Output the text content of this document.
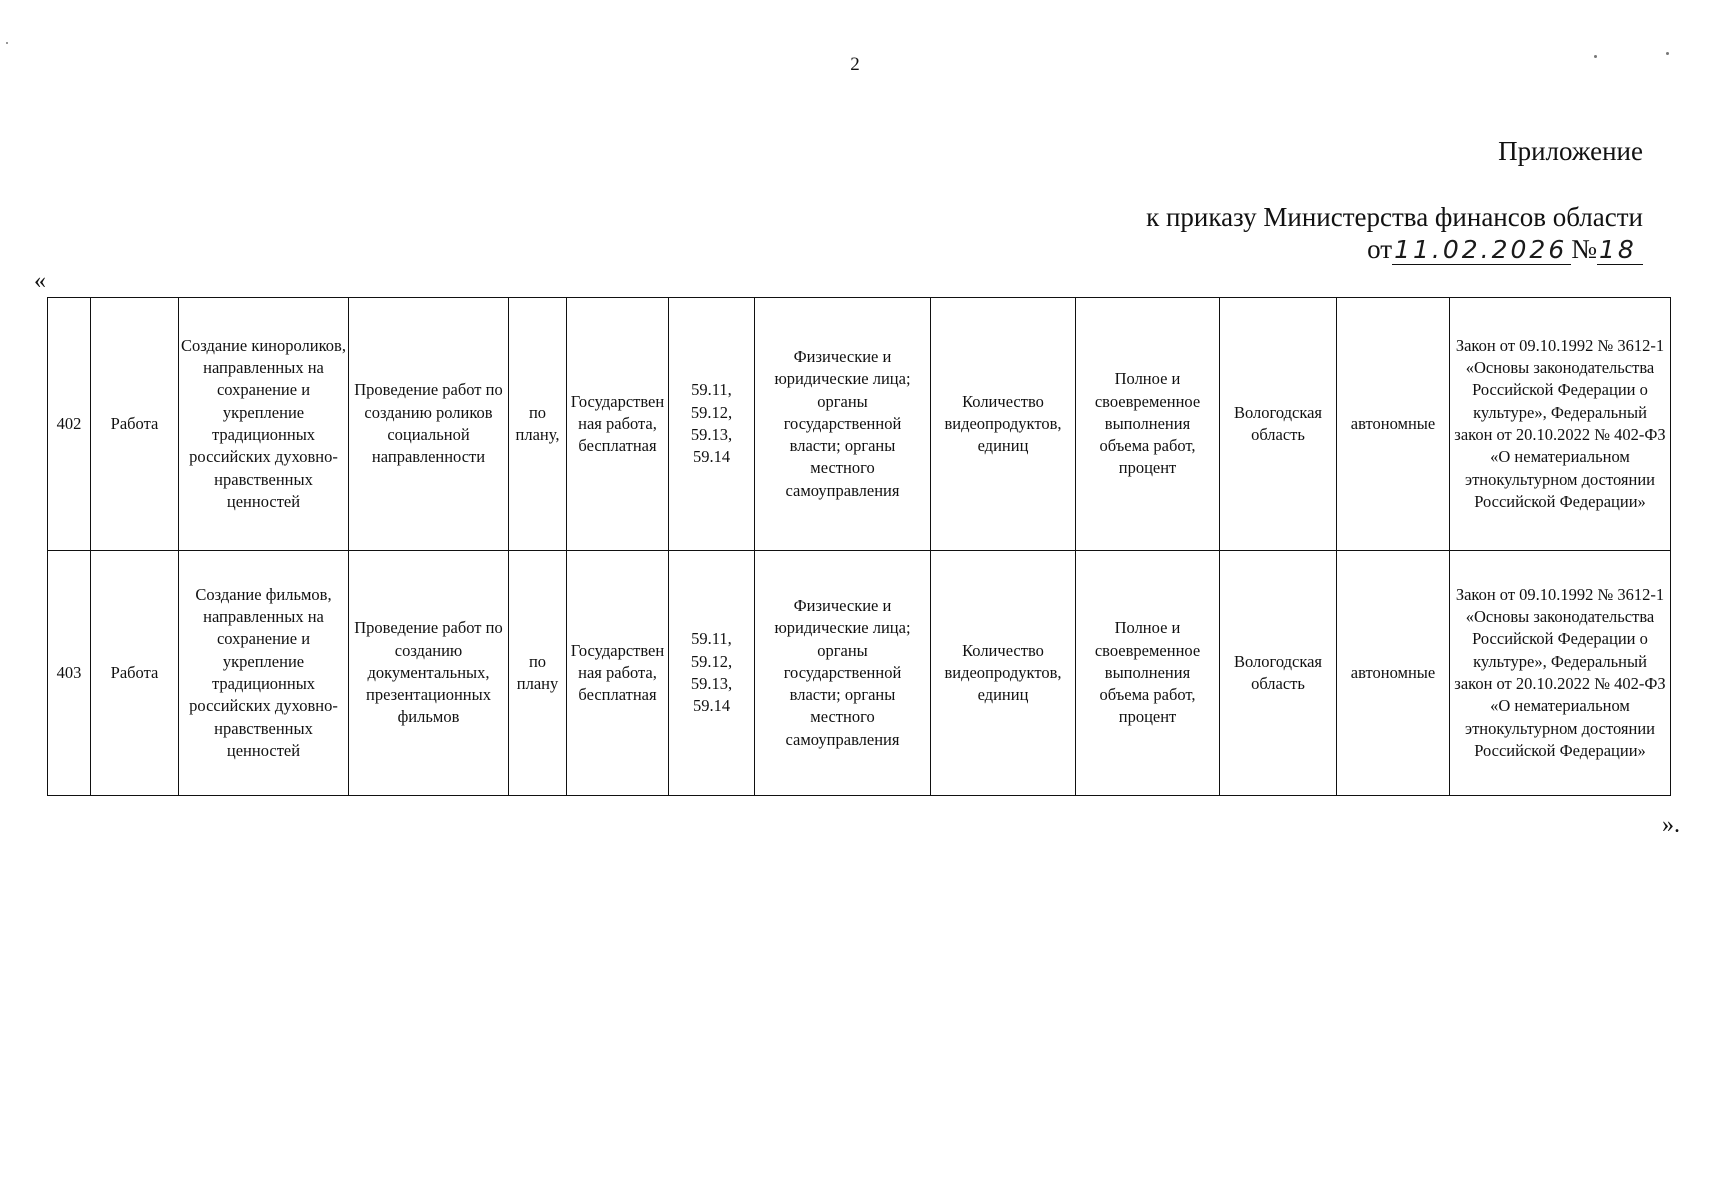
2
Приложение
к приказу Министерства финансов области
от11.02.2026 №18
«
402	Работа	Создание кинороликов, направленных на сохранение и укрепление традиционных российских духовно-нравственных ценностей	Проведение работ по созданию роликов социальной направленности	по плану,	Государственная работа, бесплатная	59.11, 59.12, 59.13, 59.14	Физические и юридические лица; органы государственной власти; органы местного самоуправления	Количество видеопродуктов, единиц	Полное и своевременное выполнения объема работ, процент	Вологодская область	автономные	Закон от 09.10.1992 № 3612-1 «Основы законодательства Российской Федерации о культуре», Федеральный закон от 20.10.2022 № 402-ФЗ «О нематериальном этнокультурном достоянии Российской Федерации»
403	Работа	Создание фильмов, направленных на сохранение и укрепление традиционных российских духовно-нравственных ценностей	Проведение работ по созданию документальных, презентационных фильмов	по плану	Государственная работа, бесплатная	59.11, 59.12, 59.13, 59.14	Физические и юридические лица; органы государственной власти; органы местного самоуправления	Количество видеопродуктов, единиц	Полное и своевременное выполнения объема работ, процент	Вологодская область	автономные	Закон от 09.10.1992 № 3612-1 «Основы законодательства Российской Федерации о культуре», Федеральный закон от 20.10.2022 № 402-ФЗ «О нематериальном этнокультурном достоянии Российской Федерации»
».
